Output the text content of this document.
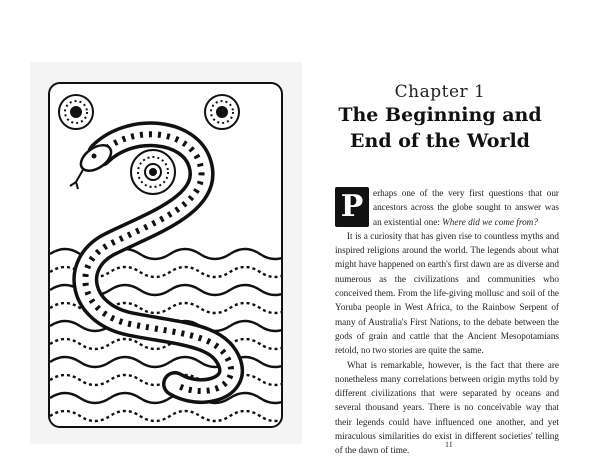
Chapter 1
The Beginning and
End of the World

P	erhaps one of the very first questions that our ancestors across the globe sought to answer was an existential one: Where did we come from?

It is a curiosity that has given rise to countless myths and inspired religions around the world. The legends about what might have happened on earth's first dawn are as diverse and numerous as the civilizations and communities who conceived them. From the life-giving mollusc and soil of the Yoruba people in West Africa, to the Rainbow Serpent of many of Australia's First Nations, to the debate between the gods of grain and cattle that the Ancient Mesopotamians retold, no two stories are quite the same.

What is remarkable, however, is the fact that there are nonetheless many correlations between origin myths told by different civilizations that were separated by oceans and several thousand years. There is no conceivable way that their legends could have influenced one another, and yet miraculous similarities do exist in different societies' telling of the dawn of time.

11
